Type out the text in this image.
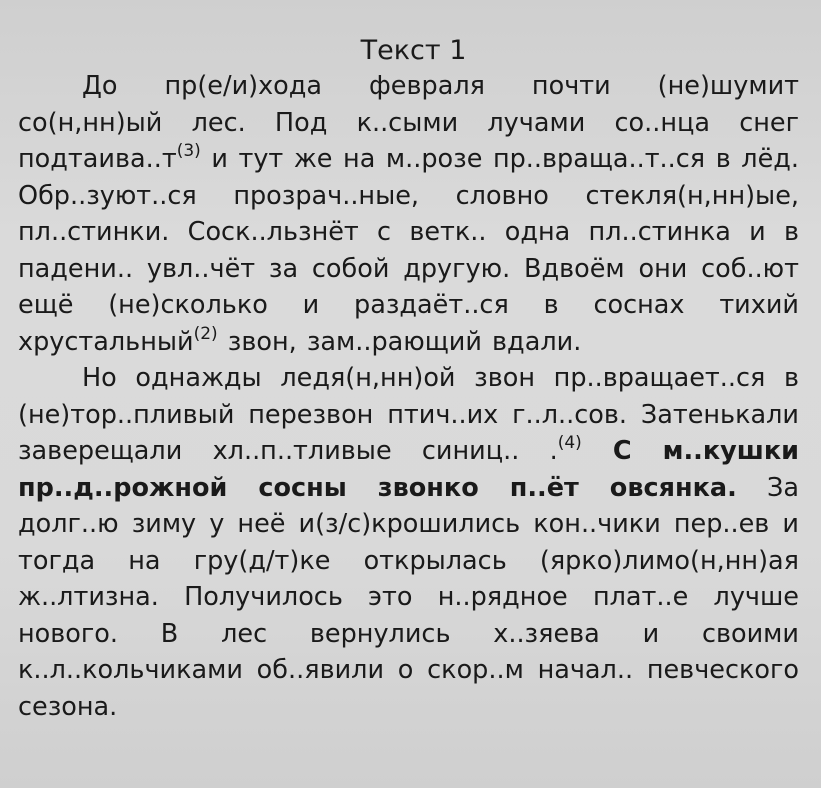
Текст 1

До пр(е/и)хода февраля почти (не)шумит со(н,нн)ый лес. Под к..сыми лучами со..нца снег $подтаива..т^{(3)}$ и тут же на м..розе пр..враща..т..ся в лёд. Обр..зуют..ся прозрач..ные, словно стекля(н,нн)ые, пл..стинки. Соск..льзнёт с ветк.. одна пл..стинка и в падени.. увл..чёт за собой другую. Вдвоём они соб..ют ещё (не)сколько и раздаёт..ся в соснах тихий хрустальный$^{(2)}$ звон, зам..рающий вдали.

Но однажды ледя(н,нн)ой звон пр..вращает..ся в (не)тор..пливый перезвон птич..их г..л..сов. Затенькали заверещали хл..п..тливые синиц.. .$^{(4)}$ С м..кушки пр..д..рожной сосны звонко п..ёт овсянка. За долг..ю зиму у неё и(з/с)крошились кон..чики пер..ев и тогда на гру(д/т)ке открылась (ярко)лимо(н,нн)ая ж..лтизна. Получилось это н..рядное плат..е лучше нового. В лес вернулись х..зяева и своими к..л..кольчиками об..явили о скор..м начал.. певческого сезона.
